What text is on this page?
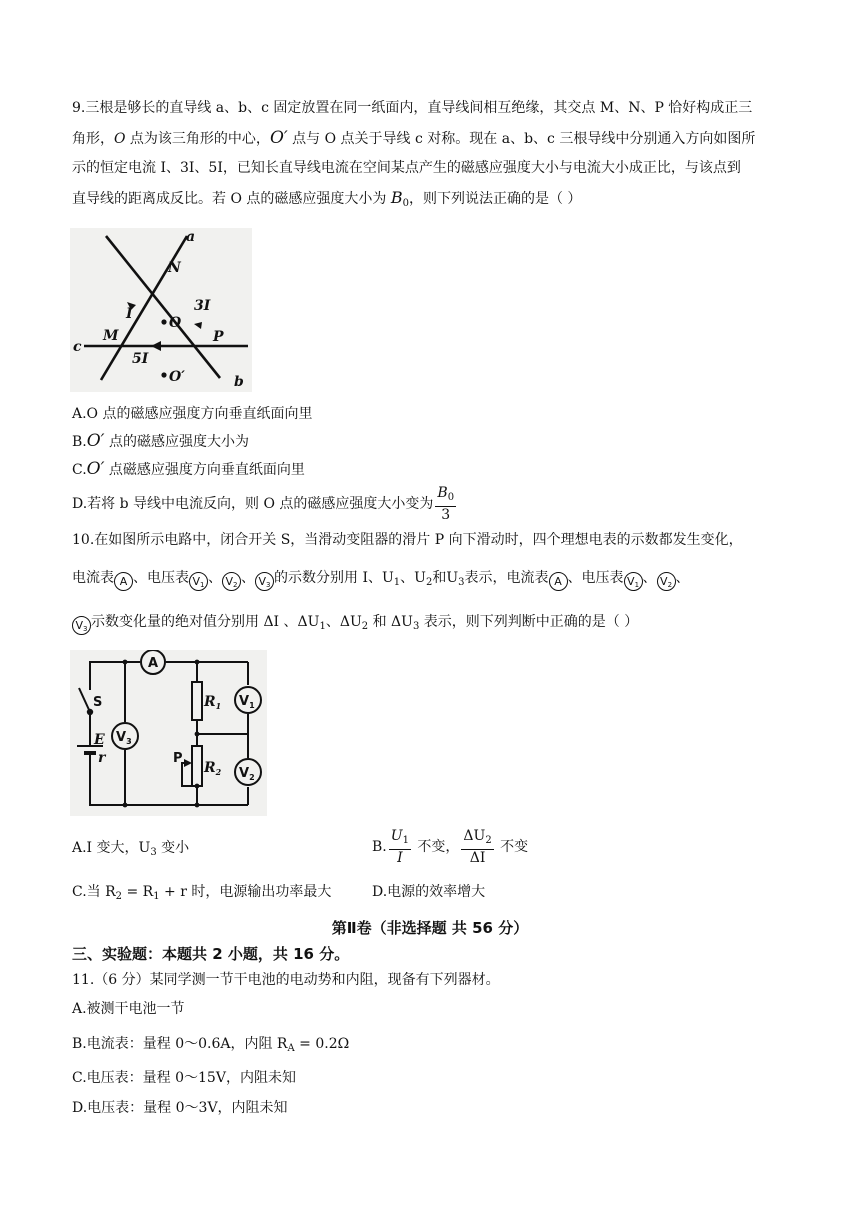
9.三根是够长的直导线 a、b、c 固定放置在同一纸面内，直导线间相互绝缘，其交点 M、N、P 恰好构成正三
角形，O 点为该三角形的中心，O′ 点与 O 点关于导线 c 对称。现在 a、b、c 三根导线中分别通入方向如图所
示的恒定电流 I、3I、5I，已知长直导线电流在空间某点产生的磁感应强度大小与电流大小成正比，与该点到
直导线的距离成反比。若 O 点的磁感应强度大小为 $B_0$，则下列说法正确的是（ ）
a
b
c
N
M	P
I	3I
5I
O
O′
A.O 点的磁感应强度方向垂直纸面向里
B.O′ 点的磁感应强度大小为
C.O′ 点磁感应强度方向垂直纸面向里
D.若将 b 导线中电流反向，则 O 点的磁感应强度大小变为 $\frac{B_0}{3}$
10.在如图所示电路中，闭合开关 S，当滑动变阻器的滑片 P 向下滑动时，四个理想电表的示数都发生变化，
电流表 A 、电压表 V1 、 V2 、 V3 的示数分别用 I、$U_1$、$U_2$和$U_3$表示，电流表 A 、电压表 V1 、 V2 、
V3 示数变化量的绝对值分别用 ΔI 、$\Delta U_1$、$\Delta U_2$ 和 $\Delta U_3$ 表示，则下列判断中正确的是（ ）
A
$V_3$
$V_1$
$V_2$
S
E
r
$R_1$
$R_2$
P
A.I 变大，$U_3$ 变小	B. $\frac{U_1}{I}$ 不变， $\frac{\Delta U_2}{\Delta I}$ 不变
C.当 $R_2 = R_1 + r$ 时，电源输出功率最大	D.电源的效率增大
第Ⅱ卷（非选择题 共 56 分）
三、实验题：本题共 2 小题，共 16 分。
11.（6 分）某同学测一节干电池的电动势和内阻，现备有下列器材。
A.被测干电池一节
B.电流表：量程 0～0.6A，内阻 $R_A = 0.2\Omega$
C.电压表：量程 0～15V，内阻未知
D.电压表：量程 0～3V，内阻未知
